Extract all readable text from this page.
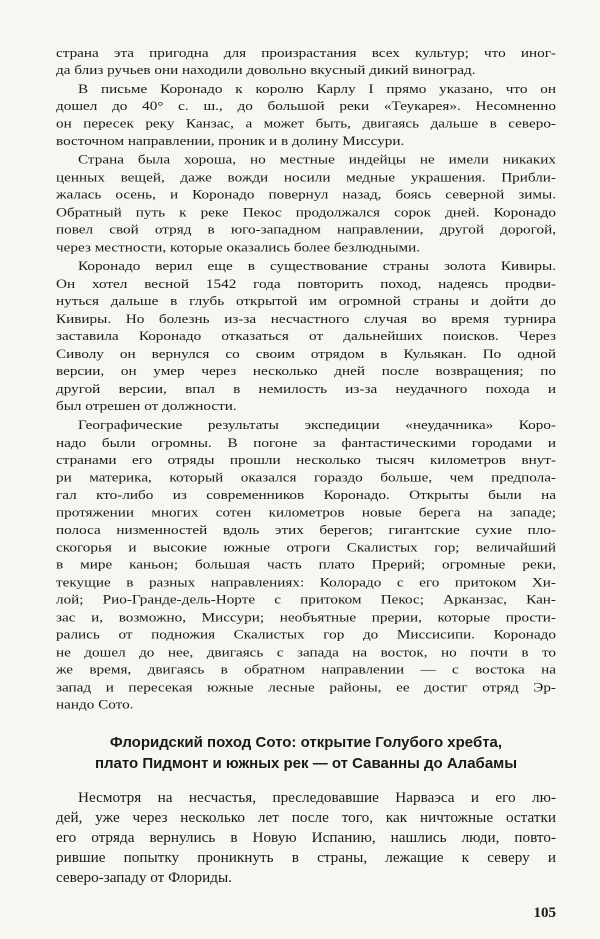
страна эта пригодна для произрастания всех культур; что иног-
да близ ручьев они находили довольно вкусный дикий виноград.
В письме Коронадо к королю Карлу I прямо указано, что он
дошел до 40° с. ш., до большой реки «Теукарея». Несомненно
он пересек реку Канзас, а может быть, двигаясь дальше в северо-
восточном направлении, проник и в долину Миссури.
Страна была хороша, но местные индейцы не имели никаких
ценных вещей, даже вожди носили медные украшения. Прибли-
жалась осень, и Коронадо повернул назад, боясь северной зимы.
Обратный путь к реке Пекос продолжался сорок дней. Коронадо
повел свой отряд в юго-западном направлении, другой дорогой,
через местности, которые оказались более безлюдными.
Коронадо верил еще в существование страны золота Кивиры.
Он хотел весной 1542 года повторить поход, надеясь продви-
нуться дальше в глубь открытой им огромной страны и дойти до
Кивиры. Но болезнь из-за несчастного случая во время турнира
заставила Коронадо отказаться от дальнейших поисков. Через
Сиволу он вернулся со своим отрядом в Кульякан. По одной
версии, он умер через несколько дней после возвращения; по
другой версии, впал в немилость из-за неудачного похода и
был отрешен от должности.
Географические результаты экспедиции «неудачника» Коро-
надо были огромны. В погоне за фантастическими городами и
странами его отряды прошли несколько тысяч километров внут-
ри материка, который оказался гораздо больше, чем предпола-
гал кто-либо из современников Коронадо. Открыты были на
протяжении многих сотен километров новые берега на западе;
полоса низменностей вдоль этих берегов; гигантские сухие пло-
скогорья и высокие южные отроги Скалистых гор; величайший
в мире каньон; большая часть плато Прерий; огромные реки,
текущие в разных направлениях: Колорадо с его притоком Хи-
лой; Рио-Гранде-дель-Норте с притоком Пекос; Арканзас, Кан-
зас и, возможно, Миссури; необъятные прерии, которые прости-
рались от подножия Скалистых гор до Миссисипи. Коронадо
не дошел до нее, двигаясь с запада на восток, но почти в то
же время, двигаясь в обратном направлении — с востока на
запад и пересекая южные лесные районы, ее достиг отряд Эр-
нандо Сото.
Флоридский поход Сото: открытие Голубого хребта,
плато Пидмонт и южных рек — от Саванны до Алабамы
Несмотря на несчастья, преследовавшие Нарваэса и его лю-
дей, уже через несколько лет после того, как ничтожные остатки
его отряда вернулись в Новую Испанию, нашлись люди, повто-
рившие попытку проникнуть в страны, лежащие к северу и
северо-западу от Флориды.
105
